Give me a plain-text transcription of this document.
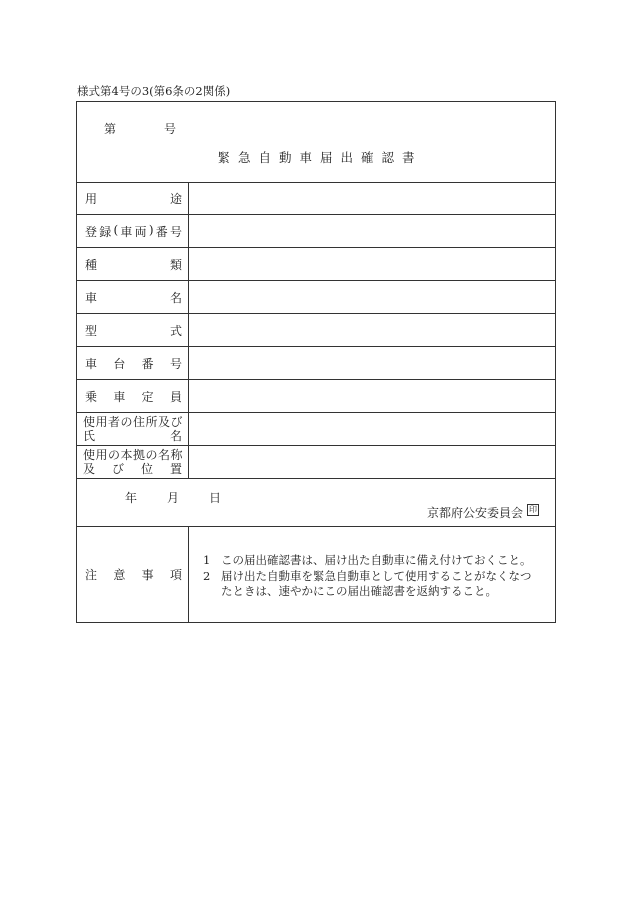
様式第4号の3(第6条の2関係)
第	号
緊急自動車届出確認書
用	途
登 録 ( 車 両 ) 番 号
種	類
車	名
型	式
車 台 番 号
乗 車 定 員
使用者の住所及び
氏	名
使用の本拠の名称
及 び 位 置
年	月	日
京都府公安委員会 印
注 意 事 項
1 この届出確認書は、届け出た自動車に備え付けておくこと。
2 届け出た自動車を緊急自動車として使用することがなくなつ
たときは、速やかにこの届出確認書を返納すること。
